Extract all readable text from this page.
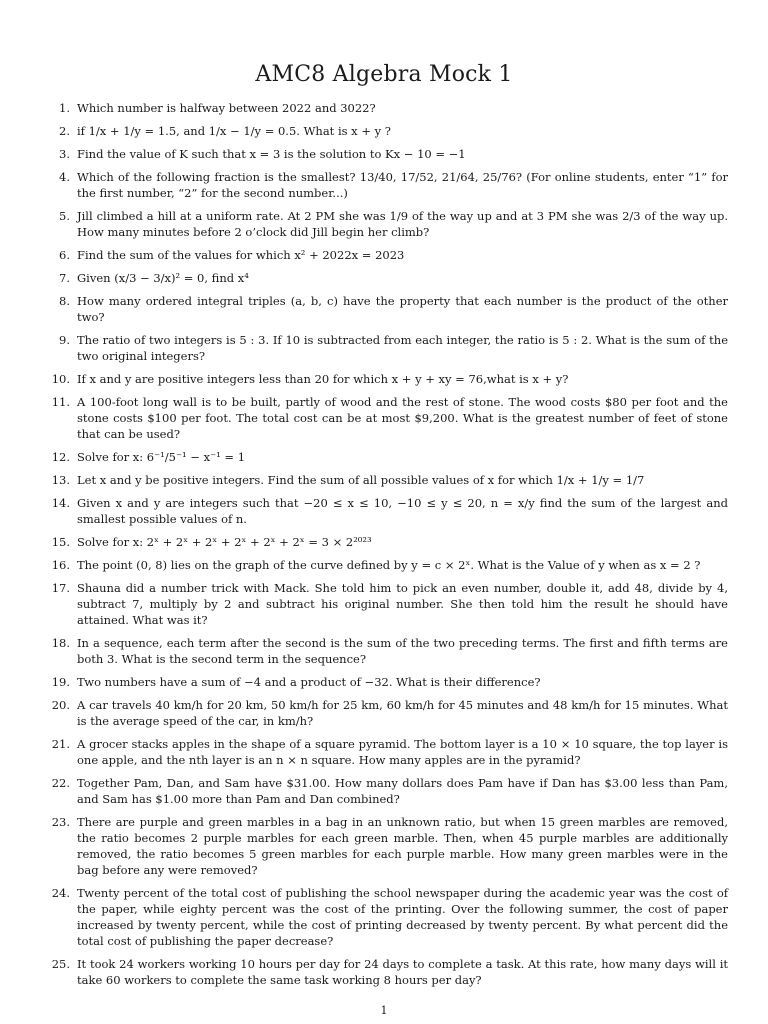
AMC8 Algebra Mock 1
1. Which number is halfway between 2022 and 3022?
2. if 1/x + 1/y = 1.5, and 1/x − 1/y = 0.5. What is x + y ?
3. Find the value of K such that x = 3 is the solution to Kx − 10 = −1
4. Which of the following fraction is the smallest? 13/40, 17/52, 21/64, 25/76? (For online students, enter “1” for the first number, “2” for the second number...)
5. Jill climbed a hill at a uniform rate. At 2 PM she was 1/9 of the way up and at 3 PM she was 2/3 of the way up. How many minutes before 2 o’clock did Jill begin her climb?
6. Find the sum of the values for which x² + 2022x = 2023
7. Given (x/3 − 3/x)² = 0, find x⁴
8. How many ordered integral triples (a, b, c) have the property that each number is the product of the other two?
9. The ratio of two integers is 5 : 3. If 10 is subtracted from each integer, the ratio is 5 : 2. What is the sum of the two original integers?
10. If x and y are positive integers less than 20 for which x + y + xy = 76,what is x + y?
11. A 100-foot long wall is to be built, partly of wood and the rest of stone. The wood costs $80 per foot and the stone costs $100 per foot. The total cost can be at most $9,200. What is the greatest number of feet of stone that can be used?
12. Solve for x: 6⁻¹/5⁻¹ − x⁻¹ = 1
13. Let x and y be positive integers. Find the sum of all possible values of x for which 1/x + 1/y = 1/7
14. Given x and y are integers such that −20 ≤ x ≤ 10, −10 ≤ y ≤ 20, n = x/y find the sum of the largest and smallest possible values of n.
15. Solve for x: 2ˣ + 2ˣ + 2ˣ + 2ˣ + 2ˣ + 2ˣ = 3 × 2²⁰²³
16. The point (0, 8) lies on the graph of the curve defined by y = c × 2ˣ. What is the Value of y when as x = 2 ?
17. Shauna did a number trick with Mack. She told him to pick an even number, double it, add 48, divide by 4, subtract 7, multiply by 2 and subtract his original number. She then told him the result he should have attained. What was it?
18. In a sequence, each term after the second is the sum of the two preceding terms. The first and fifth terms are both 3. What is the second term in the sequence?
19. Two numbers have a sum of −4 and a product of −32. What is their difference?
20. A car travels 40 km/h for 20 km, 50 km/h for 25 km, 60 km/h for 45 minutes and 48 km/h for 15 minutes. What is the average speed of the car, in km/h?
21. A grocer stacks apples in the shape of a square pyramid. The bottom layer is a 10 × 10 square, the top layer is one apple, and the nth layer is an n × n square. How many apples are in the pyramid?
22. Together Pam, Dan, and Sam have $31.00. How many dollars does Pam have if Dan has $3.00 less than Pam, and Sam has $1.00 more than Pam and Dan combined?
23. There are purple and green marbles in a bag in an unknown ratio, but when 15 green marbles are removed, the ratio becomes 2 purple marbles for each green marble. Then, when 45 purple marbles are additionally removed, the ratio becomes 5 green marbles for each purple marble. How many green marbles were in the bag before any were removed?
24. Twenty percent of the total cost of publishing the school newspaper during the academic year was the cost of the paper, while eighty percent was the cost of the printing. Over the following summer, the cost of paper increased by twenty percent, while the cost of printing decreased by twenty percent. By what percent did the total cost of publishing the paper decrease?
25. It took 24 workers working 10 hours per day for 24 days to complete a task. At this rate, how many days will it take 60 workers to complete the same task working 8 hours per day?
1
